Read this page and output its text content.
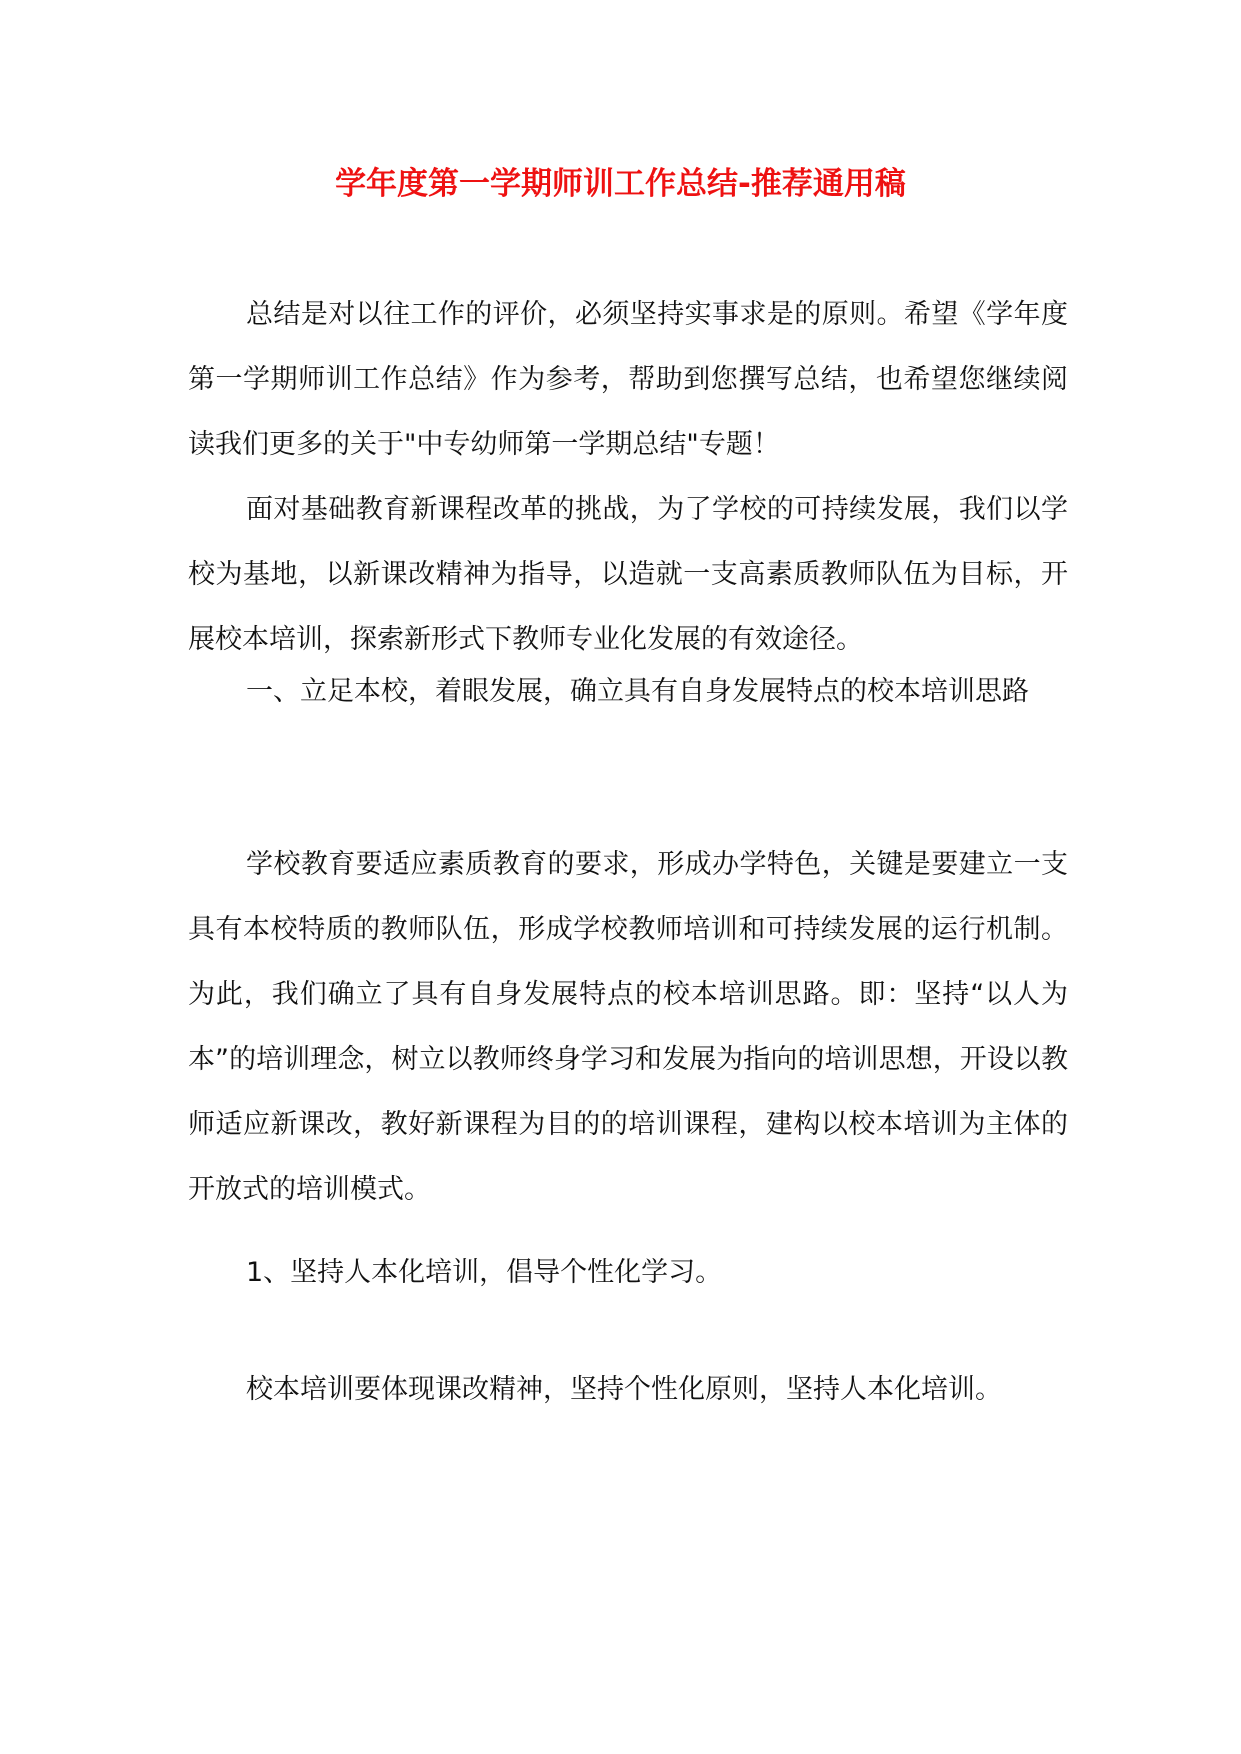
学年度第一学期师训工作总结-推荐通用稿

总结是对以往工作的评价，必须坚持实事求是的原则。希望《学年度第一学期师训工作总结》作为参考，帮助到您撰写总结，也希望您继续阅读我们更多的关于"中专幼师第一学期总结"专题！

面对基础教育新课程改革的挑战，为了学校的可持续发展，我们以学校为基地，以新课改精神为指导，以造就一支高素质教师队伍为目标，开展校本培训，探索新形式下教师专业化发展的有效途径。

一、立足本校，着眼发展，确立具有自身发展特点的校本培训思路

学校教育要适应素质教育的要求，形成办学特色，关键是要建立一支具有本校特质的教师队伍，形成学校教师培训和可持续发展的运行机制。为此，我们确立了具有自身发展特点的校本培训思路。即：坚持“以人为本”的培训理念，树立以教师终身学习和发展为指向的培训思想，开设以教师适应新课改，教好新课程为目的的培训课程，建构以校本培训为主体的开放式的培训模式。

1、坚持人本化培训，倡导个性化学习。
校本培训要体现课改精神，坚持个性化原则，坚持人本化培训。
